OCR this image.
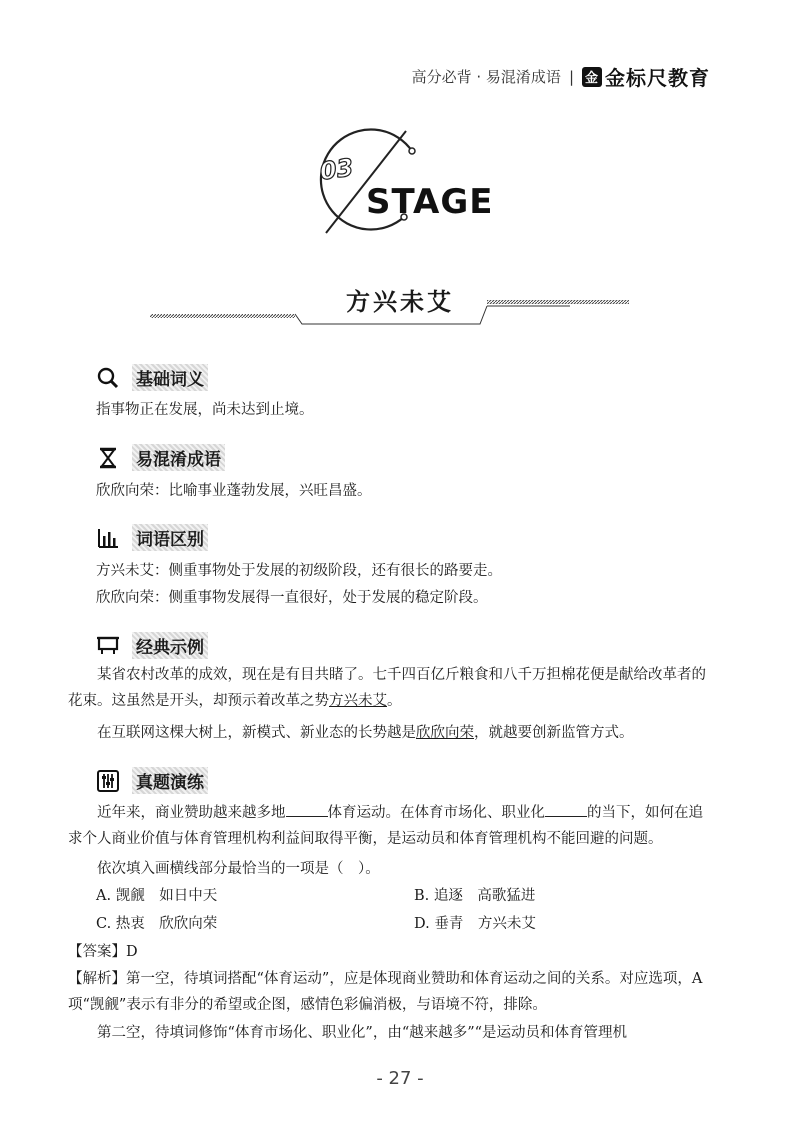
高分必背 · 易混淆成语 | 金 金标尺教育
03
STAGE
方兴未艾
基础词义
指事物正在发展，尚未达到止境。
易混淆成语
欣欣向荣：比喻事业蓬勃发展，兴旺昌盛。
词语区别
方兴未艾：侧重事物处于发展的初级阶段，还有很长的路要走。
欣欣向荣：侧重事物发展得一直很好，处于发展的稳定阶段。
经典示例
某省农村改革的成效，现在是有目共睹了。七千四百亿斤粮食和八千万担棉花便是献给改革者的花束。这虽然是开头，却预示着改革之势方兴未艾。
在互联网这棵大树上，新模式、新业态的长势越是欣欣向荣，就越要创新监管方式。
真题演练
近年来，商业赞助越来越多地	体育运动。在体育市场化、职业化	的当下，如何在追求个人商业价值与体育管理机构利益间取得平衡，是运动员和体育管理机构不能回避的问题。
依次填入画横线部分最恰当的一项是（　）。
A. 觊觎　如日中天	B. 追逐　高歌猛进
C. 热衷　欣欣向荣	D. 垂青　方兴未艾
【答案】D
【解析】第一空，待填词搭配“体育运动”，应是体现商业赞助和体育运动之间的关系。对应选项，A项“觊觎”表示有非分的希望或企图，感情色彩偏消极，与语境不符，排除。
第二空，待填词修饰“体育市场化、职业化”，由“越来越多”“是运动员和体育管理机
- 27 -
